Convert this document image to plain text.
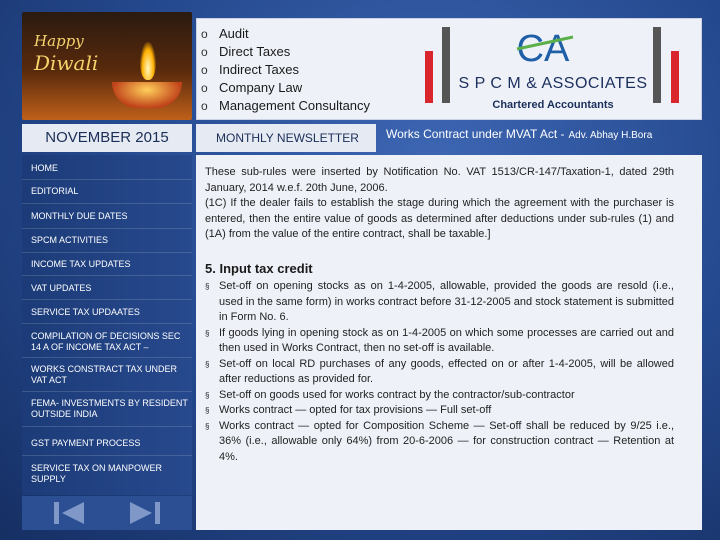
Happy
Diwali
o Audit
o Direct Taxes
o Indirect Taxes
o Company Law
o Management Consultancy
CA
S P C M & ASSOCIATES
Chartered Accountants
NOVEMBER 2015	MONTHLY NEWSLETTER	Works Contract under MVAT Act - Adv. Abhay H.Bora
HOME
EDITORIAL
MONTHLY DUE DATES
SPCM ACTIVITIES
INCOME TAX UPDATES
VAT UPDATES
SERVICE TAX UPDAATES
COMPILATION OF DECISIONS SEC 14 A OF INCOME TAX ACT –
WORKS CONSTRACT TAX UNDER VAT ACT
FEMA- INVESTMENTS BY RESIDENT OUTSIDE INDIA
GST PAYMENT PROCESS
SERVICE TAX ON MANPOWER SUPPLY

These sub-rules were inserted by Notification No. VAT 1513/CR-147/Taxation-1, dated 29th January, 2014 w.e.f. 20th June, 2006.

(1C) If the dealer fails to establish the stage during which the agreement with the purchaser is entered, then the entire value of goods as determined after deductions under sub-rules (1) and (1A) from the value of the entire contract, shall be taxable.]

5. Input tax credit
§ Set-off on opening stocks as on 1-4-2005, allowable, provided the goods are resold (i.e., used in the same form) in works contract before 31-12-2005 and stock statement is submitted in Form No. 6.
§ If goods lying in opening stock as on 1-4-2005 on which some processes are carried out and then used in Works Contract, then no set-off is available.
§ Set-off on local RD purchases of any goods, effected on or after 1-4-2005, will be allowed after reductions as provided for.
§ Set-off on goods used for works contract by the contractor/sub-contractor
§ Works contract — opted for tax provisions — Full set-off
§ Works contract — opted for Composition Scheme — Set-off shall be reduced by 9/25 i.e., 36% (i.e., allowable only 64%) from 20-6-2006 — for construction contract — Retention at 4%.
